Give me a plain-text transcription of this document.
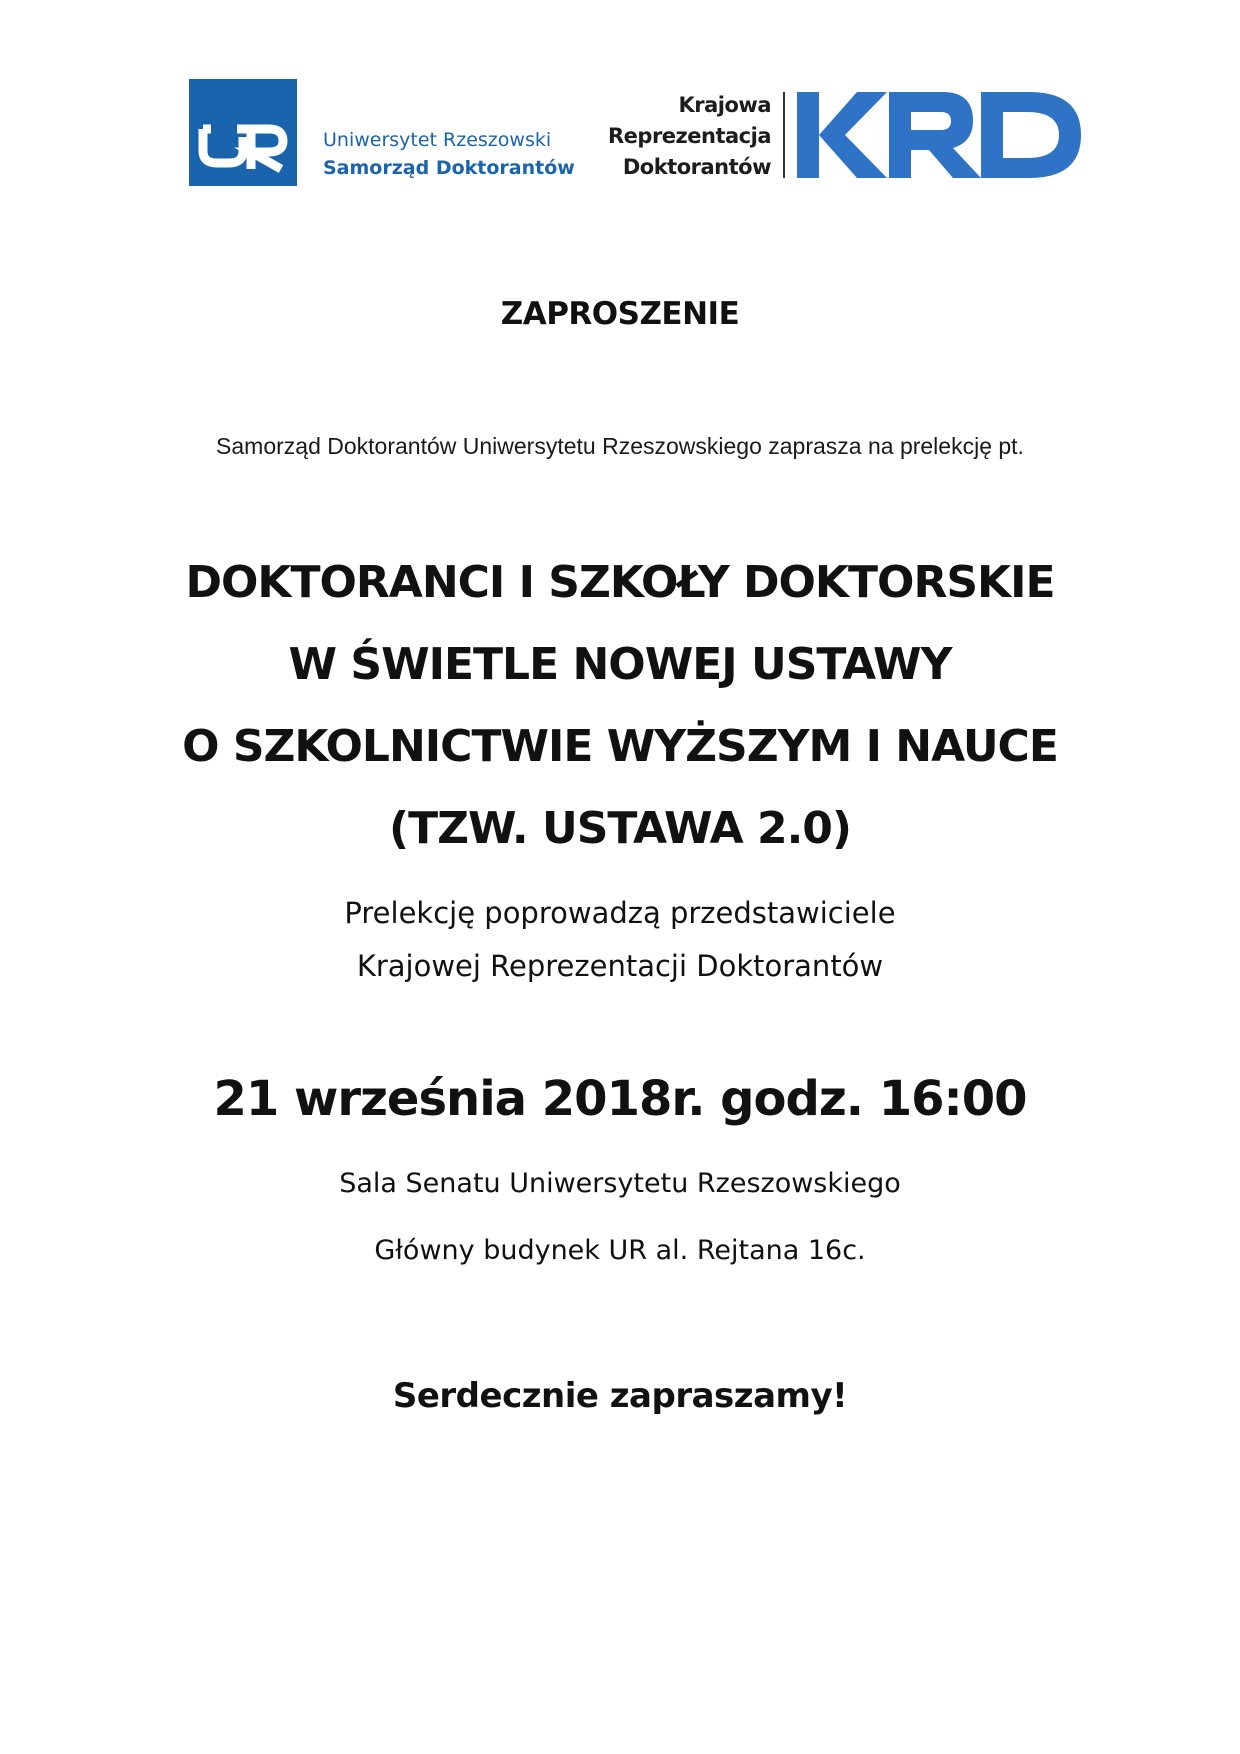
Uniwersytet Rzeszowski
Samorząd Doktorantów
Krajowa
Reprezentacja
Doktorantów
ZAPROSZENIE
Samorząd Doktorantów Uniwersytetu Rzeszowskiego zaprasza na prelekcję pt.
DOKTORANCI I SZKOŁY DOKTORSKIE
W ŚWIETLE NOWEJ USTAWY
O SZKOLNICTWIE WYŻSZYM I NAUCE
(TZW. USTAWA 2.0)
Prelekcję poprowadzą przedstawiciele
Krajowej Reprezentacji Doktorantów
21 września 2018r. godz. 16:00
Sala Senatu Uniwersytetu Rzeszowskiego
Główny budynek UR al. Rejtana 16c.
Serdecznie zapraszamy!
